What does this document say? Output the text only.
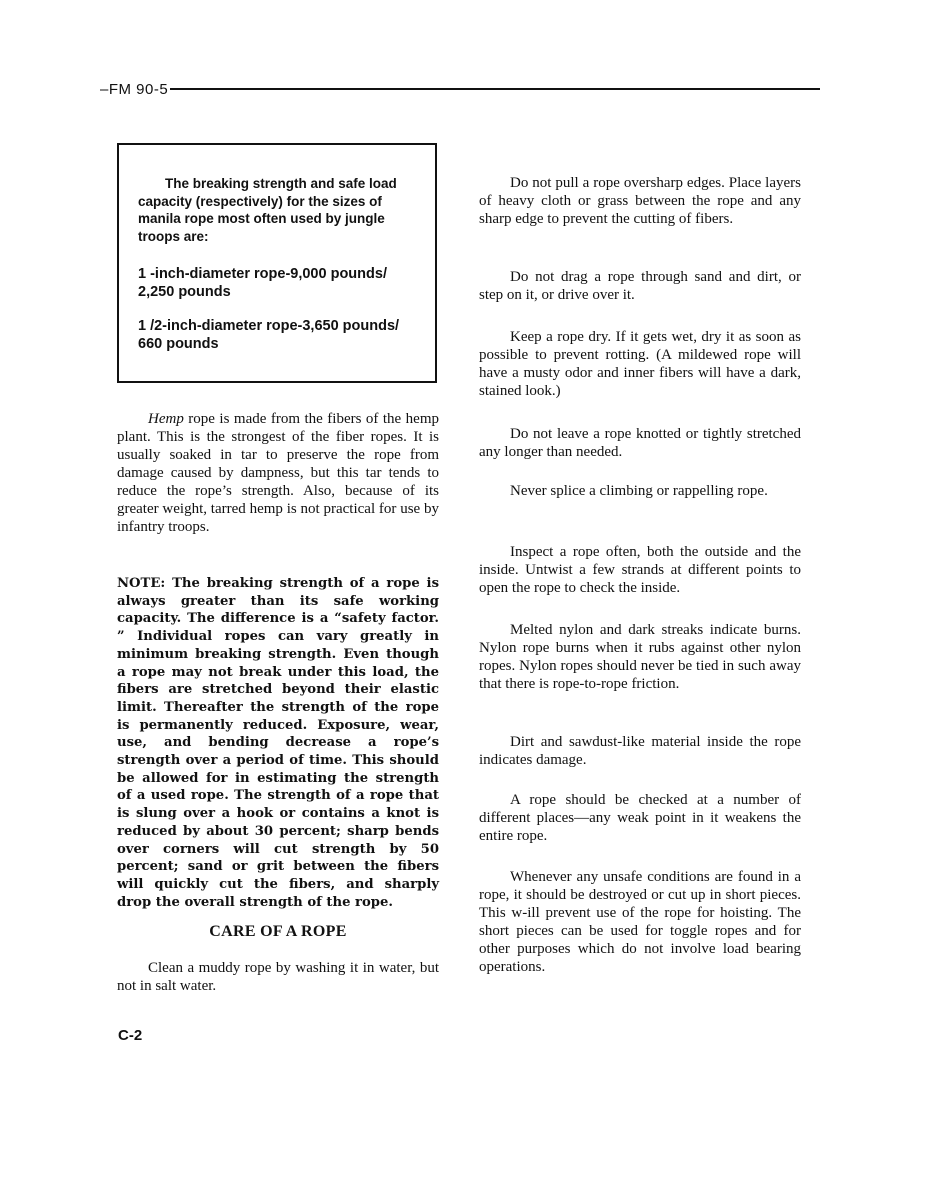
–FM 90-5

The breaking strength and safe load capacity (respectively) for the sizes of manila rope most often used by jungle troops are:

1 -inch-diameter rope-9,000 pounds/ 2,250 pounds

1 /2-inch-diameter rope-3,650 pounds/ 660 pounds

Hemp rope is made from the fibers of the hemp plant. This is the strongest of the fiber ropes. It is usually soaked in tar to preserve the rope from damage caused by dampness, but this tar tends to reduce the rope’s strength. Also, because of its greater weight, tarred hemp is not practical for use by infantry troops.

NOTE: The breaking strength of a rope is always greater than its safe working capacity. The difference is a “safety factor. ” Individual ropes can vary greatly in minimum breaking strength. Even though a rope may not break under this load, the fibers are stretched beyond their elastic limit. Thereafter the strength of the rope is permanently reduced. Exposure, wear, use, and bending decrease a rope’s strength over a period of time. This should be allowed for in estimating the strength of a used rope. The strength of a rope that is slung over a hook or contains a knot is reduced by about 30 percent; sharp bends over corners will cut strength by 50 percent; sand or grit between the fibers will quickly cut the fibers, and sharply drop the overall strength of the rope.

CARE OF A ROPE

Clean a muddy rope by washing it in water, but not in salt water.

Do not pull a rope oversharp edges. Place layers of heavy cloth or grass between the rope and any sharp edge to prevent the cutting of fibers.

Do not drag a rope through sand and dirt, or step on it, or drive over it.

Keep a rope dry. If it gets wet, dry it as soon as possible to prevent rotting. (A mildewed rope will have a musty odor and inner fibers will have a dark, stained look.)

Do not leave a rope knotted or tightly stretched any longer than needed.

Never splice a climbing or rappelling rope.

Inspect a rope often, both the outside and the inside. Untwist a few strands at different points to open the rope to check the inside.

Melted nylon and dark streaks indicate burns. Nylon rope burns when it rubs against other nylon ropes. Nylon ropes should never be tied in such away that there is rope-to-rope friction.

Dirt and sawdust-like material inside the rope indicates damage.

A rope should be checked at a number of different places—any weak point in it weakens the entire rope.

Whenever any unsafe conditions are found in a rope, it should be destroyed or cut up in short pieces. This w-ill prevent use of the rope for hoisting. The short pieces can be used for toggle ropes and for other purposes which do not involve load bearing operations.

C-2
